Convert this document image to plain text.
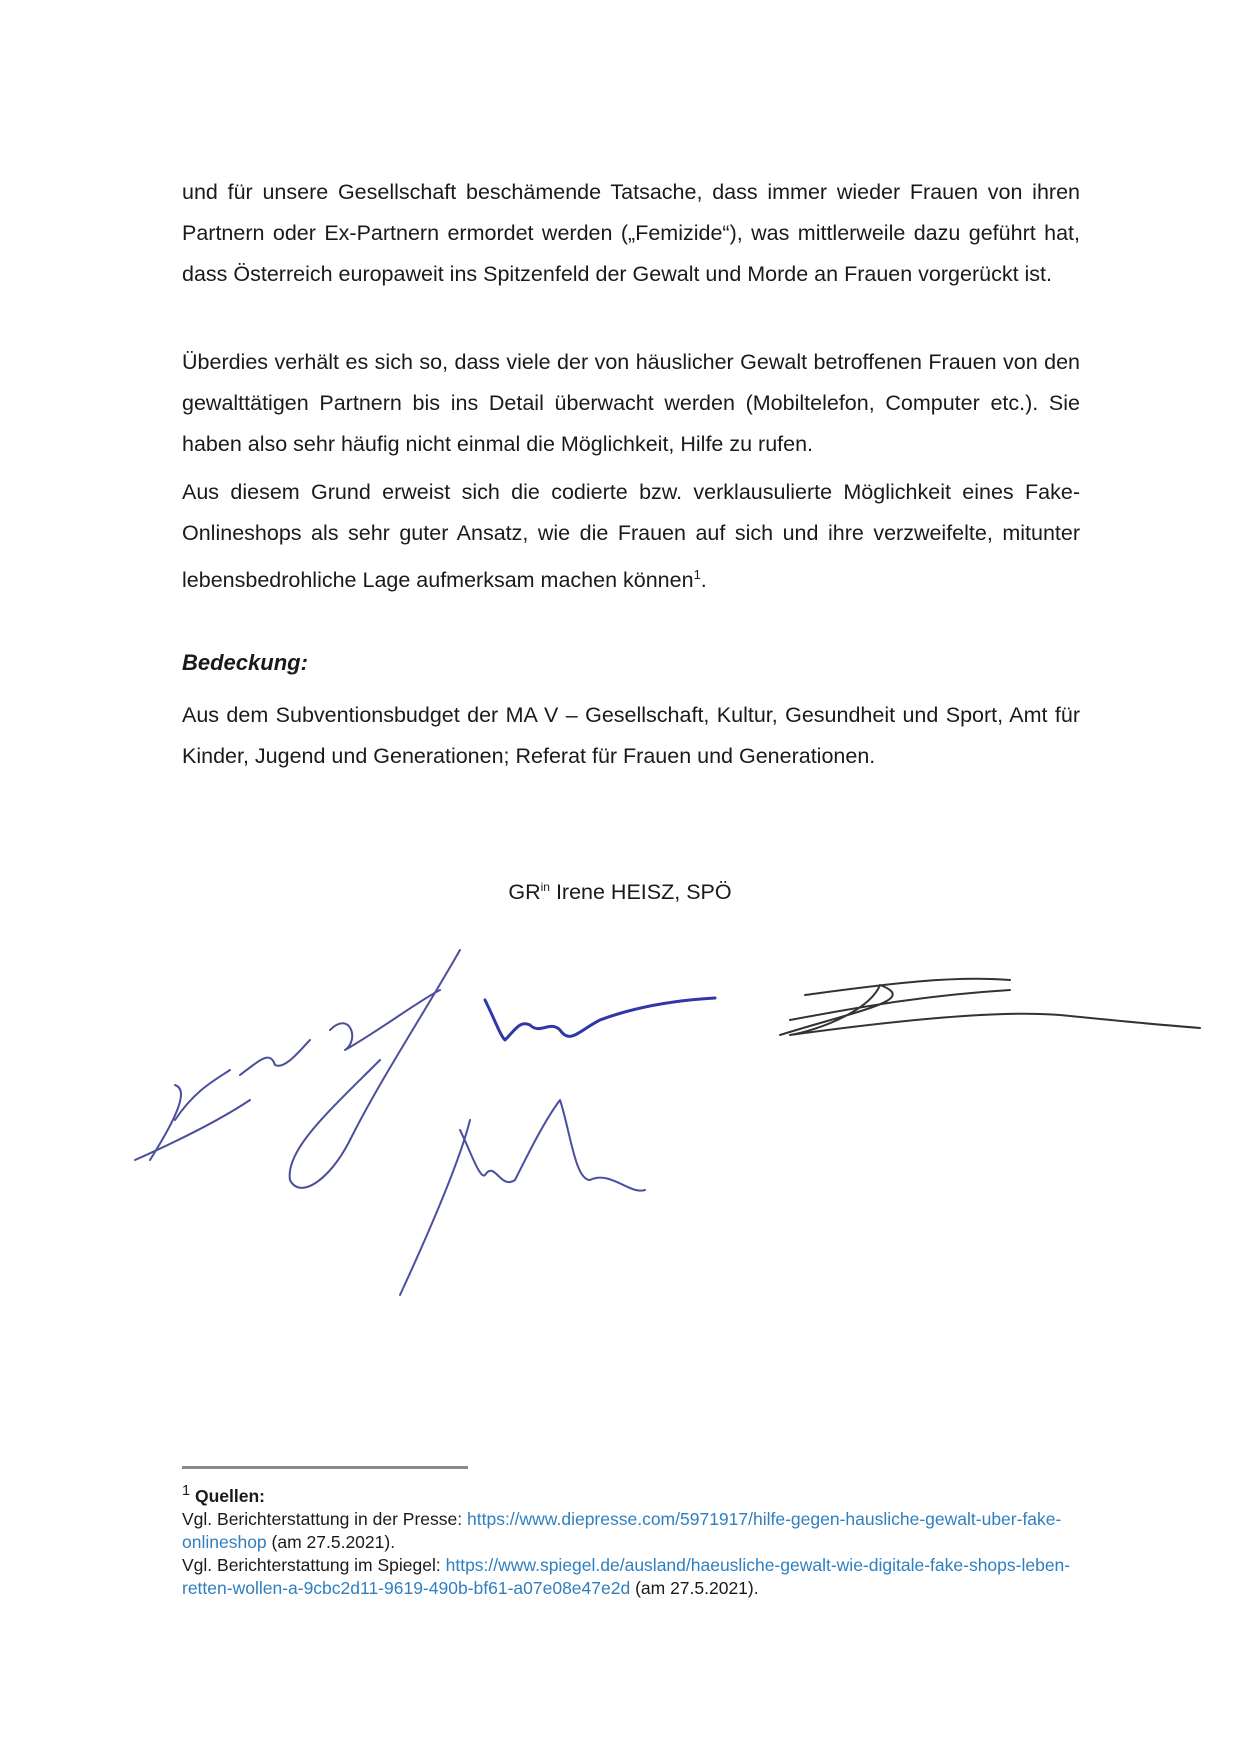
und für unsere Gesellschaft beschämende Tatsache, dass immer wieder Frauen von ihren Partnern oder Ex-Partnern ermordet werden („Femizide“), was mittlerweile dazu geführt hat, dass Österreich europaweit ins Spitzenfeld der Gewalt und Morde an Frauen vorgerückt ist.
Überdies verhält es sich so, dass viele der von häuslicher Gewalt betroffenen Frauen von den gewalttätigen Partnern bis ins Detail überwacht werden (Mobiltelefon, Computer etc.). Sie haben also sehr häufig nicht einmal die Möglichkeit, Hilfe zu rufen.
Aus diesem Grund erweist sich die codierte bzw. verklausulierte Möglichkeit eines Fake-Onlineshops als sehr guter Ansatz, wie die Frauen auf sich und ihre verzweifelte, mitunter lebensbedrohliche Lage aufmerksam machen können$^1$.
Bedeckung:
Aus dem Subventionsbudget der MA V – Gesellschaft, Kultur, Gesundheit und Sport, Amt für Kinder, Jugend und Generationen; Referat für Frauen und Generationen.
$GR^{in}$ Irene HEISZ, SPÖ
$^1$ Quellen:
Vgl. Berichterstattung in der Presse: https://www.diepresse.com/5971917/hilfe-gegen-hausliche-gewalt-uber-fake-onlineshop (am 27.5.2021).
Vgl. Berichterstattung im Spiegel: https://www.spiegel.de/ausland/haeusliche-gewalt-wie-digitale-fake-shops-leben-retten-wollen-a-9cbc2d11-9619-490b-bf61-a07e08e47e2d (am 27.5.2021).
